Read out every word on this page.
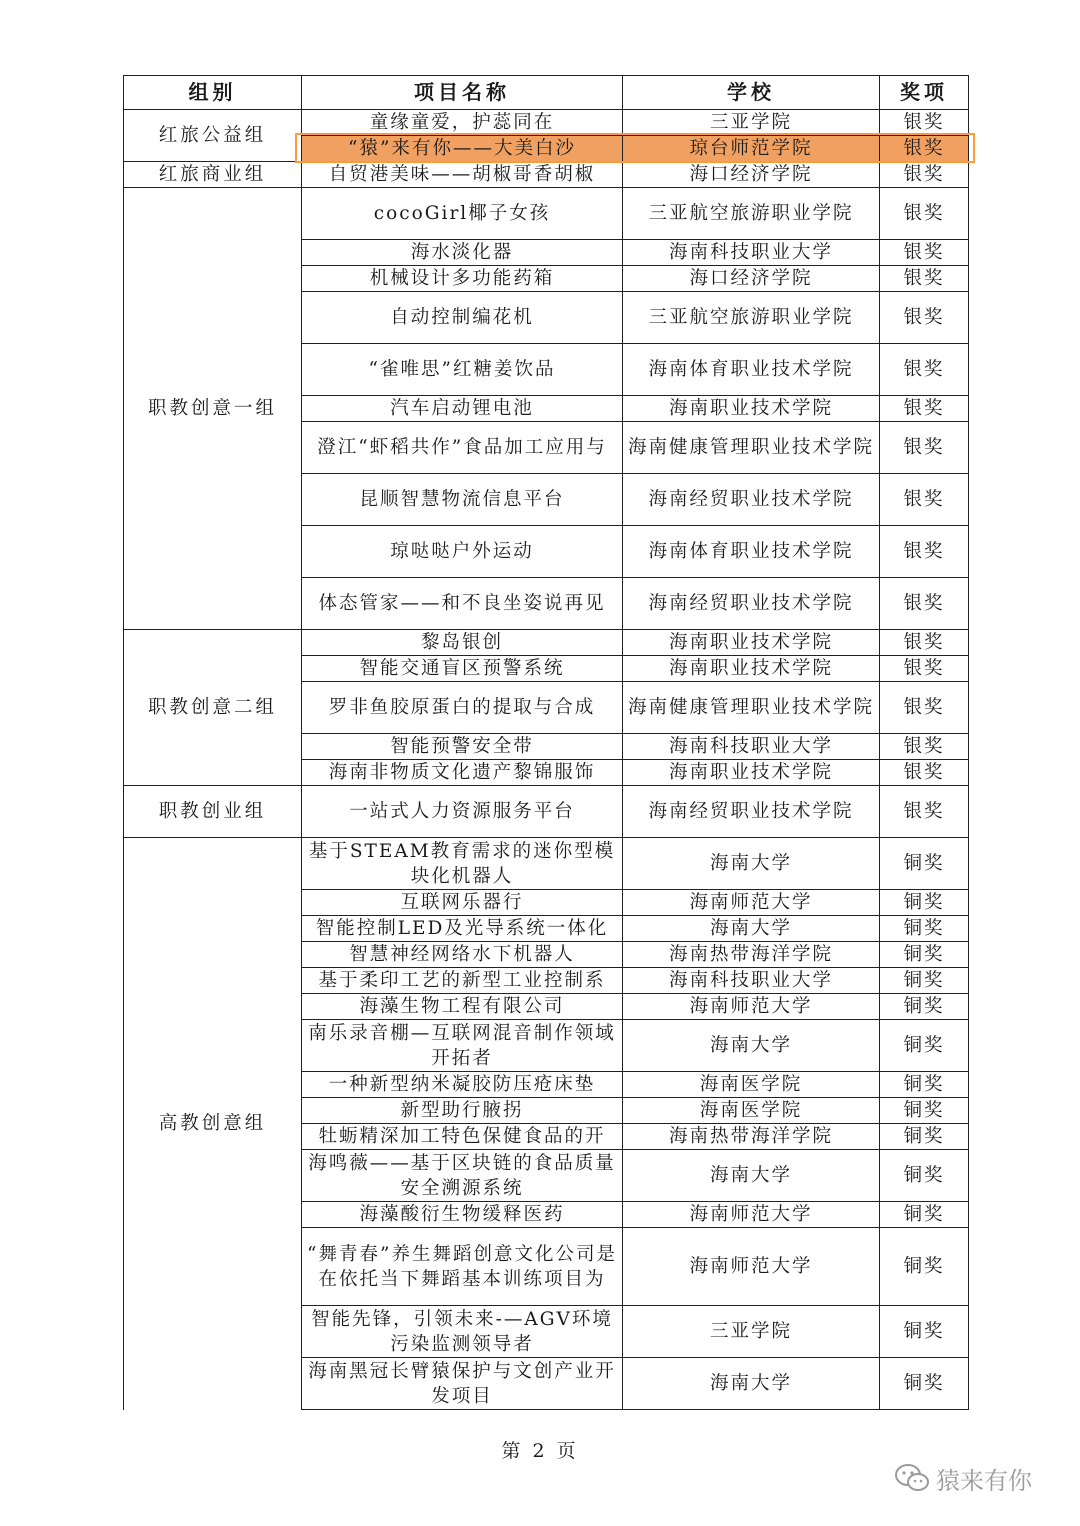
组别	项目名称	学校	奖项
红旅公益组	童缘童爱，护蕊同在	三亚学院	银奖
	“猿”来有你——大美白沙	琼台师范学院	银奖
红旅商业组	自贸港美味——胡椒哥香胡椒	海口经济学院	银奖
职教创意一组	cocoGirl椰子女孩	三亚航空旅游职业学院	银奖
	海水淡化器	海南科技职业大学	银奖
	机械设计多功能药箱	海口经济学院	银奖
	自动控制编花机	三亚航空旅游职业学院	银奖
	“雀唯思”红糖姜饮品	海南体育职业技术学院	银奖
	汽车启动锂电池	海南职业技术学院	银奖
	澄江“虾稻共作”食品加工应用与	海南健康管理职业技术学院	银奖
	昆顺智慧物流信息平台	海南经贸职业技术学院	银奖
	琼哒哒户外运动	海南体育职业技术学院	银奖
	体态管家——和不良坐姿说再见	海南经贸职业技术学院	银奖
职教创意二组	黎岛银创	海南职业技术学院	银奖
	智能交通盲区预警系统	海南职业技术学院	银奖
	罗非鱼胶原蛋白的提取与合成	海南健康管理职业技术学院	银奖
	智能预警安全带	海南科技职业大学	银奖
	海南非物质文化遗产黎锦服饰	海南职业技术学院	银奖
职教创业组	一站式人力资源服务平台	海南经贸职业技术学院	银奖
高教创意组	基于STEAM教育需求的迷你型模块化机器人	海南大学	铜奖
	互联网乐器行	海南师范大学	铜奖
	智能控制LED及光导系统一体化	海南大学	铜奖
	智慧神经网络水下机器人	海南热带海洋学院	铜奖
	基于柔印工艺的新型工业控制系	海南科技职业大学	铜奖
	海藻生物工程有限公司	海南师范大学	铜奖
	南乐录音棚—互联网混音制作领域开拓者	海南大学	铜奖
	一种新型纳米凝胶防压疮床垫	海南医学院	铜奖
	新型助行腋拐	海南医学院	铜奖
	牡蛎精深加工特色保健食品的开	海南热带海洋学院	铜奖
	海鸣薇——基于区块链的食品质量安全溯源系统	海南大学	铜奖
	海藻酸衍生物缓释医药	海南师范大学	铜奖
	“舞青春”养生舞蹈创意文化公司是在依托当下舞蹈基本训练项目为	海南师范大学	铜奖
	智能先锋，引领未来-—AGV环境污染监测领导者	三亚学院	铜奖
	海南黑冠长臂猿保护与文创产业开发项目	海南大学	铜奖
第 2 页
猿来有你
